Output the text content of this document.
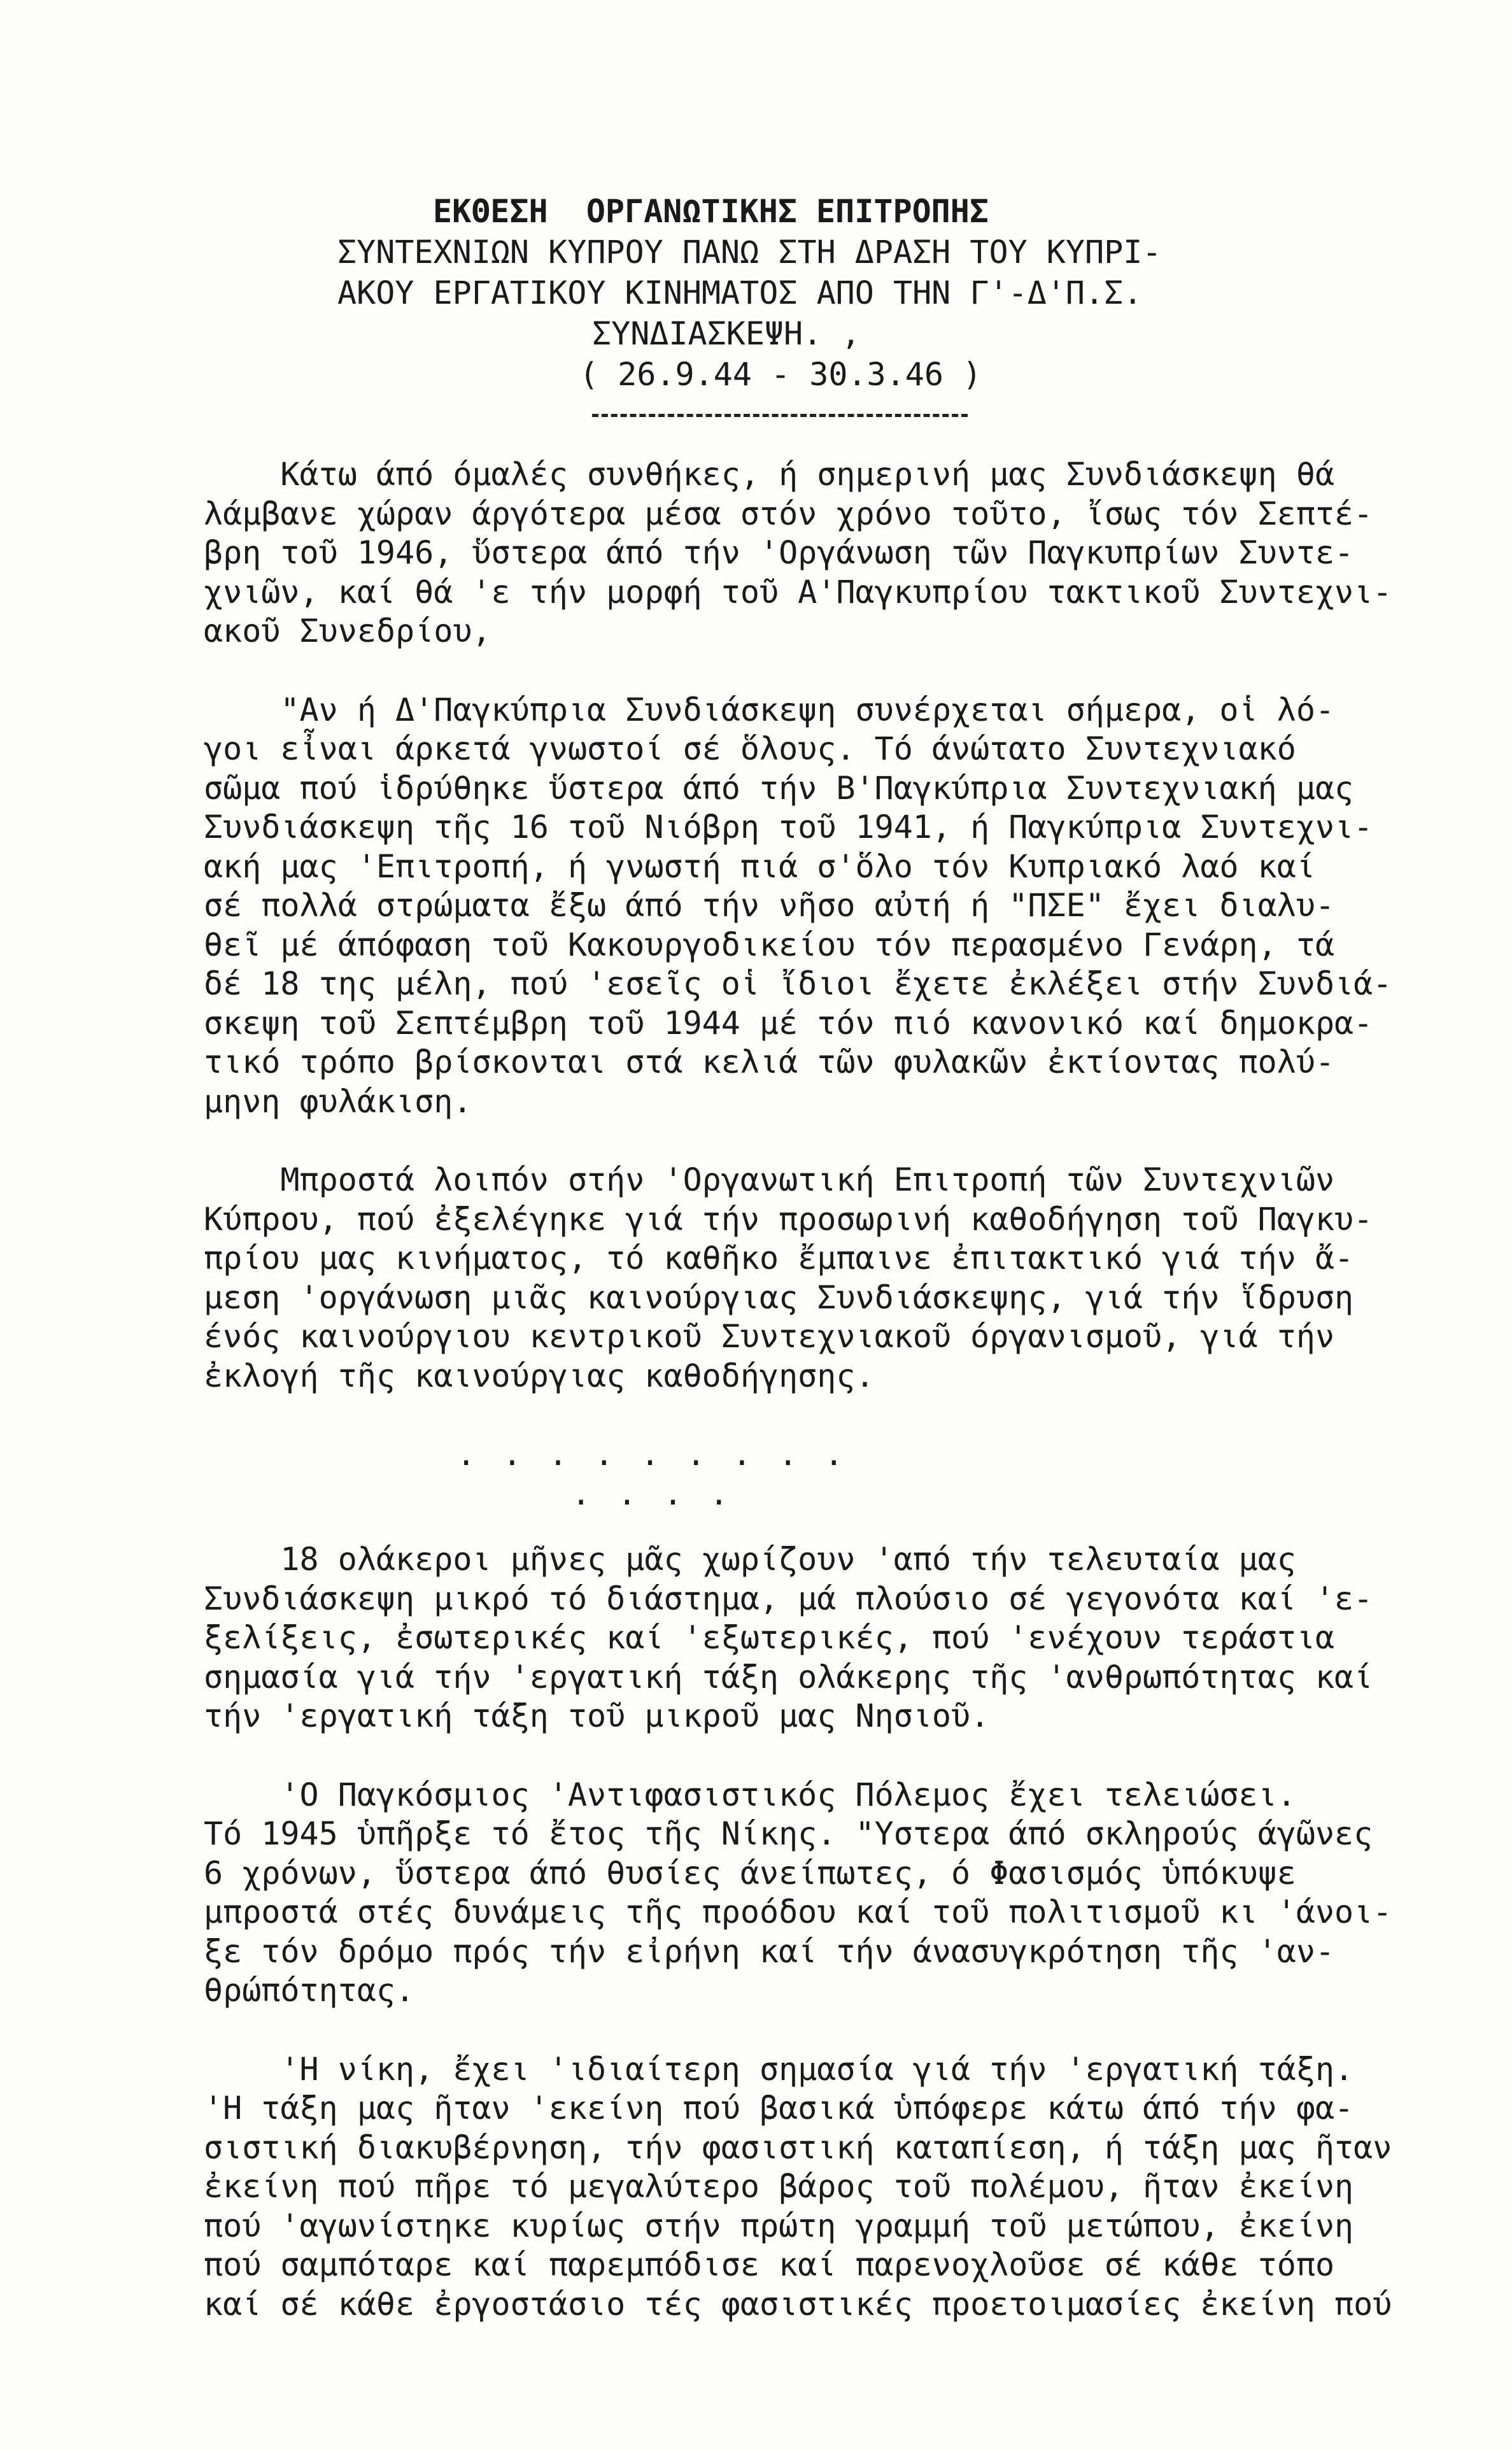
ΕΚΘΕΣΗ  ΟΡΓΑΝΩΤΙΚΗΣ ΕΠΙΤΡΟΠΗΣ
ΣΥΝΤΕΧΝΙΩΝ ΚΥΠΡΟΥ ΠΑΝΩ ΣΤΗ ΔΡΑΣΗ ΤΟΥ ΚΥΠΡΙ-
ΑΚΟΥ ΕΡΓΑΤΙΚΟΥ ΚΙΝΗΜΑΤΟΣ ΑΠΟ ΤΗΝ Γ'-Δ'Π.Σ.
ΣΥΝΔΙΑΣΚΕΨΗ. ,
( 26.9.44 - 30.3.46 )
Κάτω άπό όμαλές συνθήκες, ή σημερινή μας Συνδιάσκεψη θά
λάμβανε χώραν άργότερα μέσα στόν χρόνο τοῦτο, ἴσως τόν Σεπτέ-
βρη τοῦ 1946, ὕστερα άπό τήν 'Οργάνωση τῶν Παγκυπρίων Συντε-
χνιῶν, καί θά 'ε τήν μορφή τοῦ Α'Παγκυπρίου τακτικοῦ Συντεχνι-
ακοῦ Συνεδρίου,
"Αν ή Δ'Παγκύπρια Συνδιάσκεψη συνέρχεται σήμερα, οἱ λό-
γοι εἶναι άρκετά γνωστοί σέ ὅλους. Τό άνώτατο Συντεχνιακό
σῶμα πού ἱδρύθηκε ὕστερα άπό τήν Β'Παγκύπρια Συντεχνιακή μας
Συνδιάσκεψη τῆς 16 τοῦ Νιόβρη τοῦ 1941, ή Παγκύπρια Συντεχνι-
ακή μας 'Επιτροπή, ή γνωστή πιά σ'ὅλο τόν Κυπριακό λαό καί
σέ πολλά στρώματα ἔξω άπό τήν νῆσο αὐτή ή "ΠΣΕ" ἔχει διαλυ-
θεῖ μέ άπόφαση τοῦ Κακουργοδικείου τόν περασμένο Γενάρη, τά
δέ 18 της μέλη, πού 'εσεῖς οἱ ἴδιοι ἔχετε ἐκλέξει στήν Συνδιά-
σκεψη τοῦ Σεπτέμβρη τοῦ 1944 μέ τόν πιό κανονικό καί δημοκρα-
τικό τρόπο βρίσκονται στά κελιά τῶν φυλακῶν ἐκτίοντας πολύ-
μηνη φυλάκιση.
Μπροστά λοιπόν στήν 'Οργανωτική Επιτροπή τῶν Συντεχνιῶν
Κύπρου, πού ἐξελέγηκε γιά τήν προσωρινή καθοδήγηση τοῦ Παγκυ-
πρίου μας κινήματος, τό καθῆκο ἔμπαινε ἐπιτακτικό γιά τήν ἄ-
μεση 'οργάνωση μιᾶς καινούργιας Συνδιάσκεψης, γιά τήν ἵδρυση
ένός καινούργιου κεντρικοῦ Συντεχνιακοῦ όργανισμοῦ, γιά τήν
ἐκλογή τῆς καινούργιας καθοδήγησης.
. . . . . . . . .
. . . .
18 ολάκεροι μῆνες μᾶς χωρίζουν 'από τήν τελευταία μας
Συνδιάσκεψη μικρό τό διάστημα, μά πλούσιο σέ γεγονότα καί 'ε-
ξελίξεις, ἐσωτερικές καί 'εξωτερικές, πού 'ενέχουν τεράστια
σημασία γιά τήν 'εργατική τάξη ολάκερης τῆς 'ανθρωπότητας καί
τήν 'εργατική τάξη τοῦ μικροῦ μας Νησιοῦ.
'Ο Παγκόσμιος 'Αντιφασιστικός Πόλεμος ἔχει τελειώσει.
Τό 1945 ὑπῆρξε τό ἔτος τῆς Νίκης. "Υστερα άπό σκληρούς άγῶνες
6 χρόνων, ὕστερα άπό θυσίες άνείπωτες, ό Φασισμός ὑπόκυψε
μπροστά στές δυνάμεις τῆς προόδου καί τοῦ πολιτισμοῦ κι 'άνοι-
ξε τόν δρόμο πρός τήν εἰρήνη καί τήν άνασυγκρότηση τῆς 'αν-
θρώπότητας.
'Η νίκη, ἔχει 'ιδιαίτερη σημασία γιά τήν 'εργατική τάξη.
'Η τάξη μας ῆταν 'εκείνη πού βασικά ὑπόφερε κάτω άπό τήν φα-
σιστική διακυβέρνηση, τήν φασιστική καταπίεση, ή τάξη μας ῆταν
ἐκείνη πού πῆρε τό μεγαλύτερο βάρος τοῦ πολέμου, ῆταν ἐκείνη
πού 'αγωνίστηκε κυρίως στήν πρώτη γραμμή τοῦ μετώπου, ἐκείνη
πού σαμπόταρε καί παρεμπόδισε καί παρενοχλοῦσε σέ κάθε τόπο
καί σέ κάθε ἐργοστάσιο τές φασιστικές προετοιμασίες ἐκείνη πού
